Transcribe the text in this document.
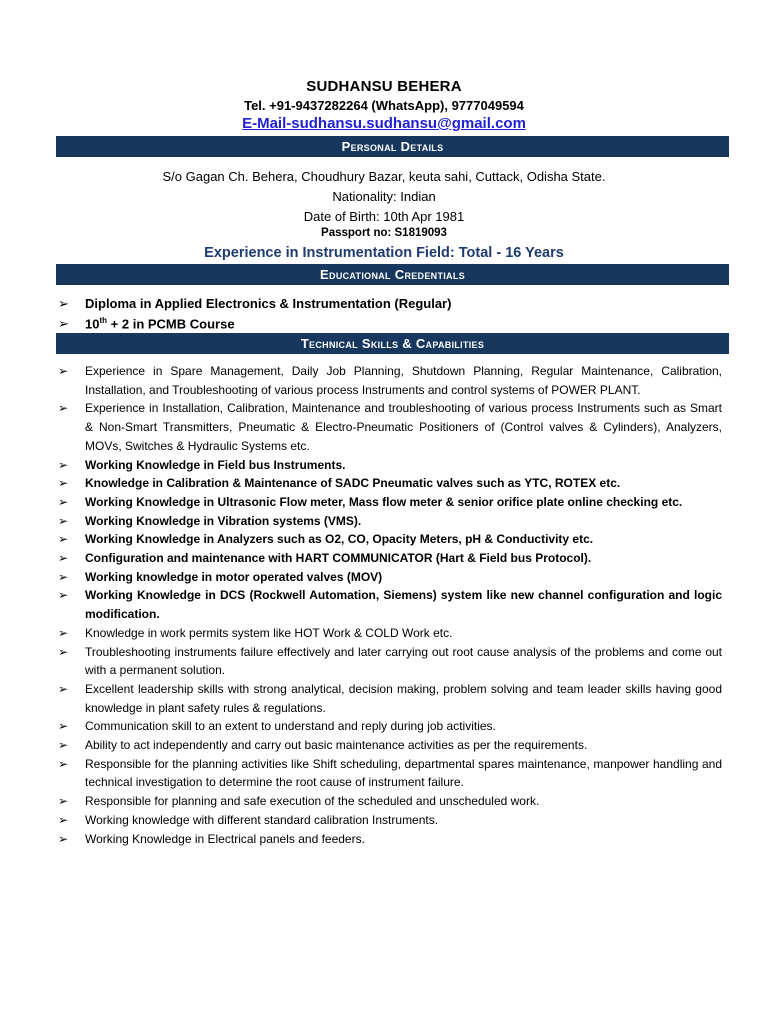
SUDHANSU BEHERA
Tel. +91-9437282264 (WhatsApp), 9777049594
E-Mail-sudhansu.sudhansu@gmail.com
Personal Details
S/o Gagan Ch. Behera, Choudhury Bazar, keuta sahi, Cuttack, Odisha State.
Nationality: Indian
Date of Birth: 10th Apr 1981
Passport no: S1819093
Experience in Instrumentation Field: Total - 16 Years
Educational Credentials
➢ Diploma in Applied Electronics & Instrumentation (Regular)
➢ 10th + 2 in PCMB Course
Technical Skills & Capabilities
➢	Experience in Spare Management, Daily Job Planning, Shutdown Planning, Regular Maintenance, Calibration, Installation, and Troubleshooting of various process Instruments and control systems of POWER PLANT.
➢	Experience in Installation, Calibration, Maintenance and troubleshooting of various process Instruments such as Smart & Non-Smart Transmitters, Pneumatic & Electro-Pneumatic Positioners of (Control valves & Cylinders), Analyzers, MOVs, Switches & Hydraulic Systems etc.
➢	Working Knowledge in Field bus Instruments.
➢	Knowledge in Calibration & Maintenance of SADC Pneumatic valves such as YTC, ROTEX etc.
➢	Working Knowledge in Ultrasonic Flow meter, Mass flow meter & senior orifice plate online checking etc.
➢	Working Knowledge in Vibration systems (VMS).
➢	Working Knowledge in Analyzers such as O2, CO, Opacity Meters, pH & Conductivity etc.
➢	Configuration and maintenance with HART COMMUNICATOR (Hart & Field bus Protocol).
➢	Working knowledge in motor operated valves (MOV)
➢	Working Knowledge in DCS (Rockwell Automation, Siemens) system like new channel configuration and logic modification.
➢	Knowledge in work permits system like HOT Work & COLD Work etc.
➢	Troubleshooting instruments failure effectively and later carrying out root cause analysis of the problems and come out with a permanent solution.
➢	Excellent leadership skills with strong analytical, decision making, problem solving and team leader skills having good knowledge in plant safety rules & regulations.
➢	Communication skill to an extent to understand and reply during job activities.
➢	Ability to act independently and carry out basic maintenance activities as per the requirements.
➢	Responsible for the planning activities like Shift scheduling, departmental spares maintenance, manpower handling and technical investigation to determine the root cause of instrument failure.
➢	Responsible for planning and safe execution of the scheduled and unscheduled work.
➢	Working knowledge with different standard calibration Instruments.
➢	Working Knowledge in Electrical panels and feeders.
